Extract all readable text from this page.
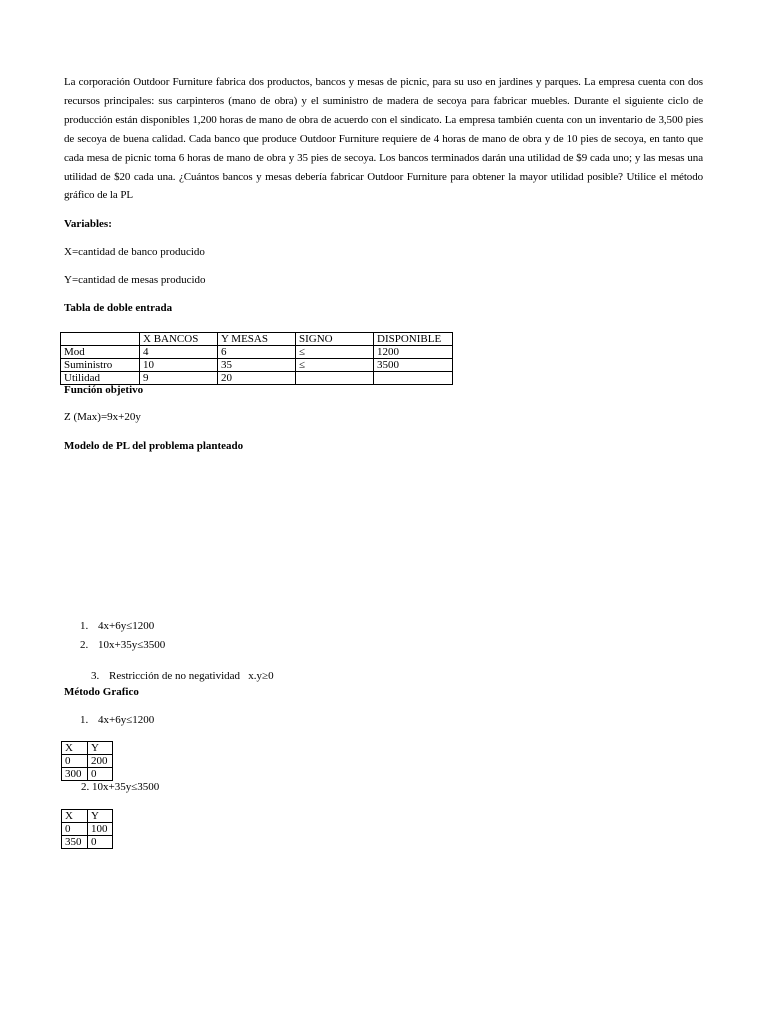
La corporación Outdoor Furniture fabrica dos productos, bancos y mesas de picnic, para su uso en jardines y parques. La empresa cuenta con dos recursos principales: sus carpinteros (mano de obra) y el suministro de madera de secoya para fabricar muebles. Durante el siguiente ciclo de producción están disponibles 1,200 horas de mano de obra de acuerdo con el sindicato. La empresa también cuenta con un inventario de 3,500 pies de secoya de buena calidad. Cada banco que produce Outdoor Furniture requiere de 4 horas de mano de obra y de 10 pies de secoya, en tanto que cada mesa de picnic toma 6 horas de mano de obra y 35 pies de secoya. Los bancos terminados darán una utilidad de $9 cada uno; y las mesas una utilidad de $20 cada una. ¿Cuántos bancos y mesas debería fabricar Outdoor Furniture para obtener la mayor utilidad posible? Utilice el método gráfico de la PL

Variables:
X=cantidad de banco producido
Y=cantidad de mesas producido
Tabla de doble entrada
	X BANCOS	Y MESAS	SIGNO	DISPONIBLE
Mod	4	6	≤	1200
Suministro	10	35	≤	3500
Utilidad	9	20		
Función objetivo
Z (Max)=9x+20y
Modelo de PL del problema planteado
1. 4x+6y≤1200
2. 10x+35y≤3500

3. Restricción de no negatividad   x.y≥0

Método Grafico
1. 4x+6y≤1200
X	Y
0	200
300	0
2. 10x+35y≤3500
X	Y
0	100
350	0
